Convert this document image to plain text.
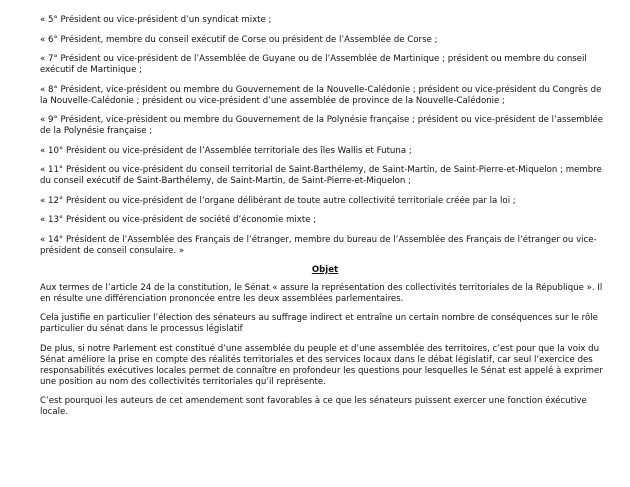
« 5° Président ou vice-président d’un syndicat mixte ;

« 6° Président, membre du conseil exécutif de Corse ou président de l’Assemblée de Corse ;

« 7° Président ou vice-président de l’Assemblée de Guyane ou de l’Assemblée de Martinique ; président ou membre du conseil exécutif de Martinique ;

« 8° Président, vice-président ou membre du Gouvernement de la Nouvelle-Calédonie ; président ou vice-président du Congrès de la Nouvelle-Calédonie ; président ou vice-président d’une assemblée de province de la Nouvelle-Calédonie ;

« 9° Président, vice-président ou membre du Gouvernement de la Polynésie française ; président ou vice-président de l’assemblée de la Polynésie française ;

« 10° Président ou vice-président de l’Assemblée territoriale des îles Wallis et Futuna ;

« 11° Président ou vice-président du conseil territorial de Saint-Barthélemy, de Saint-Martin, de Saint-Pierre-et-Miquelon ; membre du conseil exécutif de Saint-Barthélemy, de Saint-Martin, de Saint-Pierre-et-Miquelon ;

« 12° Président ou vice-président de l’organe délibérant de toute autre collectivité territoriale créée par la loi ;

« 13° Président ou vice-président de société d’économie mixte ;

« 14° Président de l’Assemblée des Français de l’étranger, membre du bureau de l’Assemblée des Français de l’étranger ou vice-président de conseil consulaire. »

Objet

Aux termes de l’article 24 de la constitution, le Sénat « assure la représentation des collectivités territoriales de la République ». Il en résulte une différenciation prononcée entre les deux assemblées parlementaires.

Cela justifie en particulier l’élection des sénateurs au suffrage indirect et entraîne un certain nombre de conséquences sur le rôle particulier du sénat dans le processus législatif

De plus, si notre Parlement est constitué d’une assemblée du peuple et d’une assemblée des territoires, c’est pour que la voix du Sénat améliore la prise en compte des réalités territoriales et des services locaux dans le débat législatif, car seul l’exercice des responsabilités exécutives locales permet de connaître en profondeur les questions pour lesquelles le Sénat est appelé à exprimer une position au nom des collectivités territoriales qu’il représente.

C’est pourquoi les auteurs de cet amendement sont favorables à ce que les sénateurs puissent exercer une fonction éxécutive locale.
